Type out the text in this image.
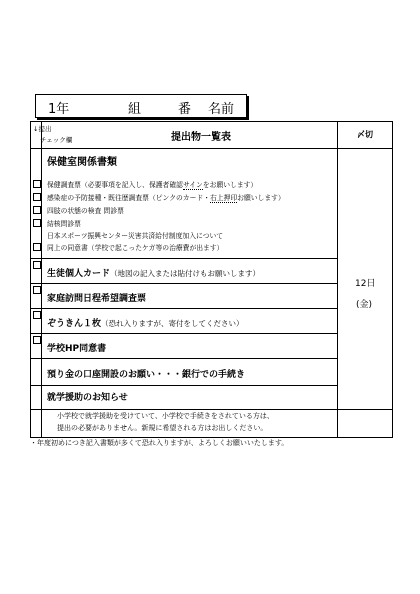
1年	組	番 名前
↓提出
チェック欄	提出物一覧表	〆切
保健室関係書類
保健調査票（必要事項を記入し、保護者確認サインをお願いします）
感染症の予防接種・既往歴調査票（ピンクのカード・右上押印お願いします）
四肢の状態の検査 問診票
結核問診票
日本スポーツ振興センター災害共済給付制度加入について
同上の同意書（学校で起こったケガ等の治療費が出ます）
生徒個人カード（地図の記入または貼付けもお願いします）
家庭訪問日程希望調査票
ぞうきん１枚（恐れ入りますが、寄付をしてください）
学校HP同意書
預り金の口座開設のお願い・・・銀行での手続き
就学援助のお知らせ
小学校で就学援助を受けていて、小学校で手続きをされている方は、
提出の必要がありません。新規に希望される方はお出しください。
12日
(金)
・年度初めにつき記入書類が多くて恐れ入りますが、よろしくお願いいたします。
